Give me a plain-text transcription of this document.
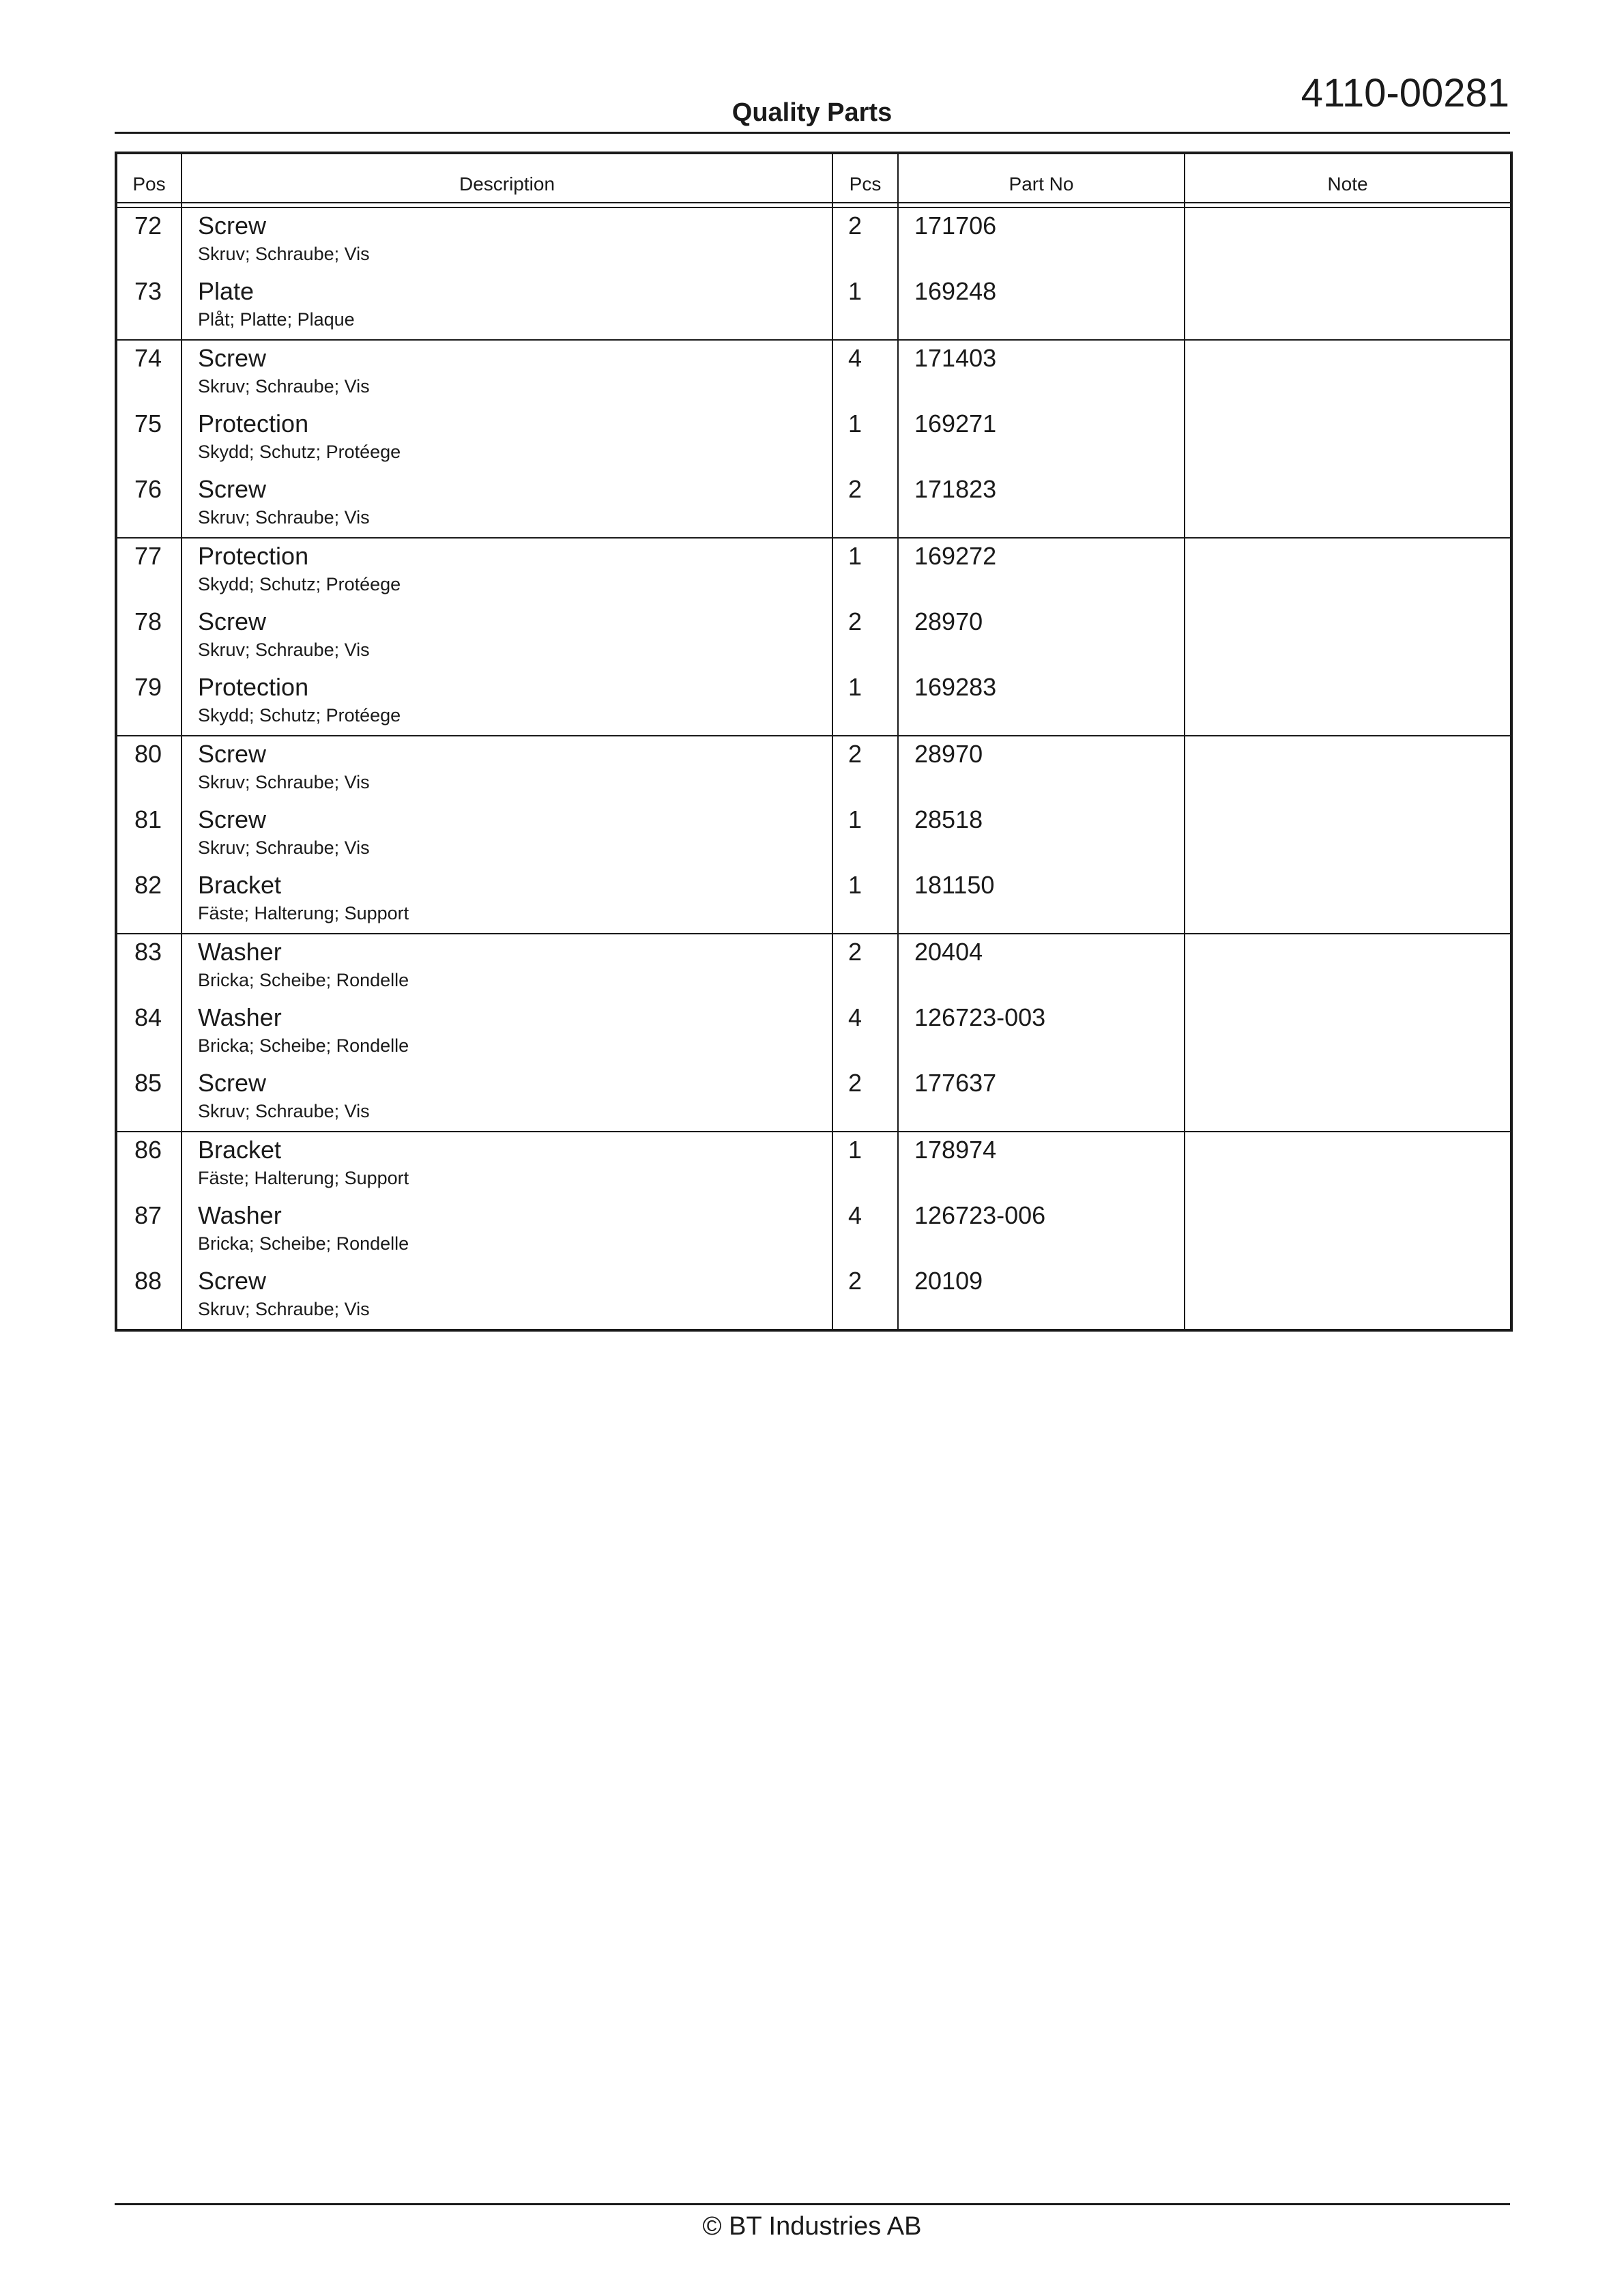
4110-00281
Quality Parts
Pos	Description	Pcs	Part No	Note

72	Screw
Skruv; Schraube; Vis	2	171706	
73	Plate
Plåt; Platte; Plaque	1	169248	
74	Screw
Skruv; Schraube; Vis	4	171403	
75	Protection
Skydd; Schutz; Protéege	1	169271	
76	Screw
Skruv; Schraube; Vis	2	171823	
77	Protection
Skydd; Schutz; Protéege	1	169272	
78	Screw
Skruv; Schraube; Vis	2	28970	
79	Protection
Skydd; Schutz; Protéege	1	169283	
80	Screw
Skruv; Schraube; Vis	2	28970	
81	Screw
Skruv; Schraube; Vis	1	28518	
82	Bracket
Fäste; Halterung; Support	1	181150	
83	Washer
Bricka; Scheibe; Rondelle	2	20404	
84	Washer
Bricka; Scheibe; Rondelle	4	126723-003	
85	Screw
Skruv; Schraube; Vis	2	177637	
86	Bracket
Fäste; Halterung; Support	1	178974	
87	Washer
Bricka; Scheibe; Rondelle	4	126723-006	
88	Screw
Skruv; Schraube; Vis	2	20109	
© BT Industries AB
